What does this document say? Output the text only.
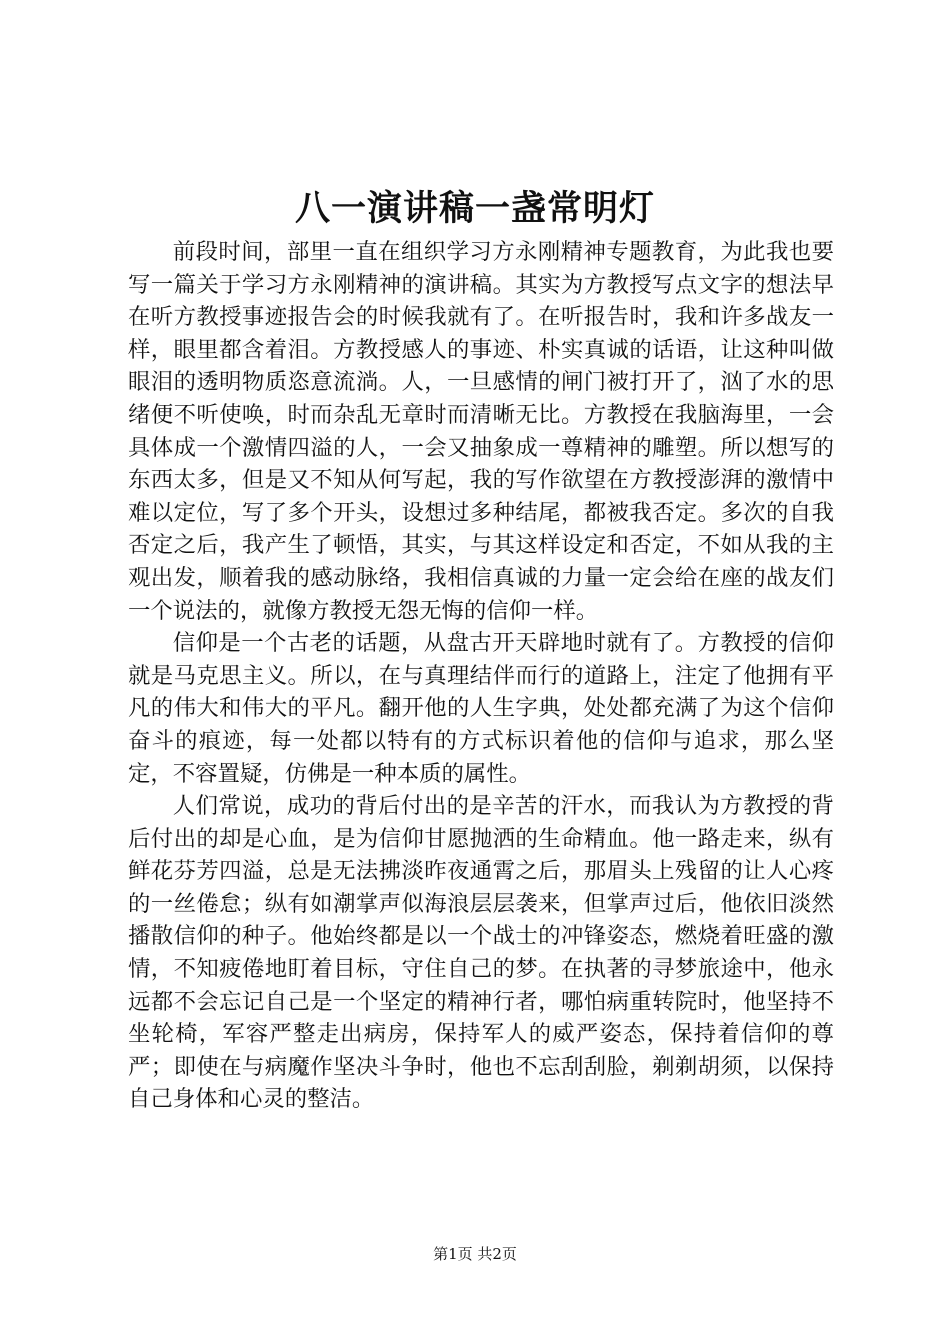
八一演讲稿一盏常明灯

前段时间，部里一直在组织学习方永刚精神专题教育，为此我也要写一篇关于学习方永刚精神的演讲稿。其实为方教授写点文字的想法早在听方教授事迹报告会的时候我就有了。在听报告时，我和许多战友一样，眼里都含着泪。方教授感人的事迹、朴实真诚的话语，让这种叫做眼泪的透明物质恣意流淌。人，一旦感情的闸门被打开了，汹了水的思绪便不听使唤，时而杂乱无章时而清晰无比。方教授在我脑海里，一会具体成一个激情四溢的人，一会又抽象成一尊精神的雕塑。所以想写的东西太多，但是又不知从何写起，我的写作欲望在方教授澎湃的激情中难以定位，写了多个开头，设想过多种结尾，都被我否定。多次的自我否定之后，我产生了顿悟，其实，与其这样设定和否定，不如从我的主观出发，顺着我的感动脉络，我相信真诚的力量一定会给在座的战友们一个说法的，就像方教授无怨无悔的信仰一样。

信仰是一个古老的话题，从盘古开天辟地时就有了。方教授的信仰就是马克思主义。所以，在与真理结伴而行的道路上，注定了他拥有平凡的伟大和伟大的平凡。翻开他的人生字典，处处都充满了为这个信仰奋斗的痕迹，每一处都以特有的方式标识着他的信仰与追求，那么坚定，不容置疑，仿佛是一种本质的属性。

人们常说，成功的背后付出的是辛苦的汗水，而我认为方教授的背后付出的却是心血，是为信仰甘愿抛洒的生命精血。他一路走来，纵有鲜花芬芳四溢，总是无法拂淡昨夜通霄之后，那眉头上残留的让人心疼的一丝倦怠；纵有如潮掌声似海浪层层袭来，但掌声过后，他依旧淡然播散信仰的种子。他始终都是以一个战士的冲锋姿态，燃烧着旺盛的激情，不知疲倦地盯着目标，守住自己的梦。在执著的寻梦旅途中，他永远都不会忘记自己是一个坚定的精神行者，哪怕病重转院时，他坚持不坐轮椅，军容严整走出病房，保持军人的威严姿态，保持着信仰的尊严；即使在与病魔作坚决斗争时，他也不忘刮刮脸，剃剃胡须，以保持自己身体和心灵的整洁。

第1页 共2页
